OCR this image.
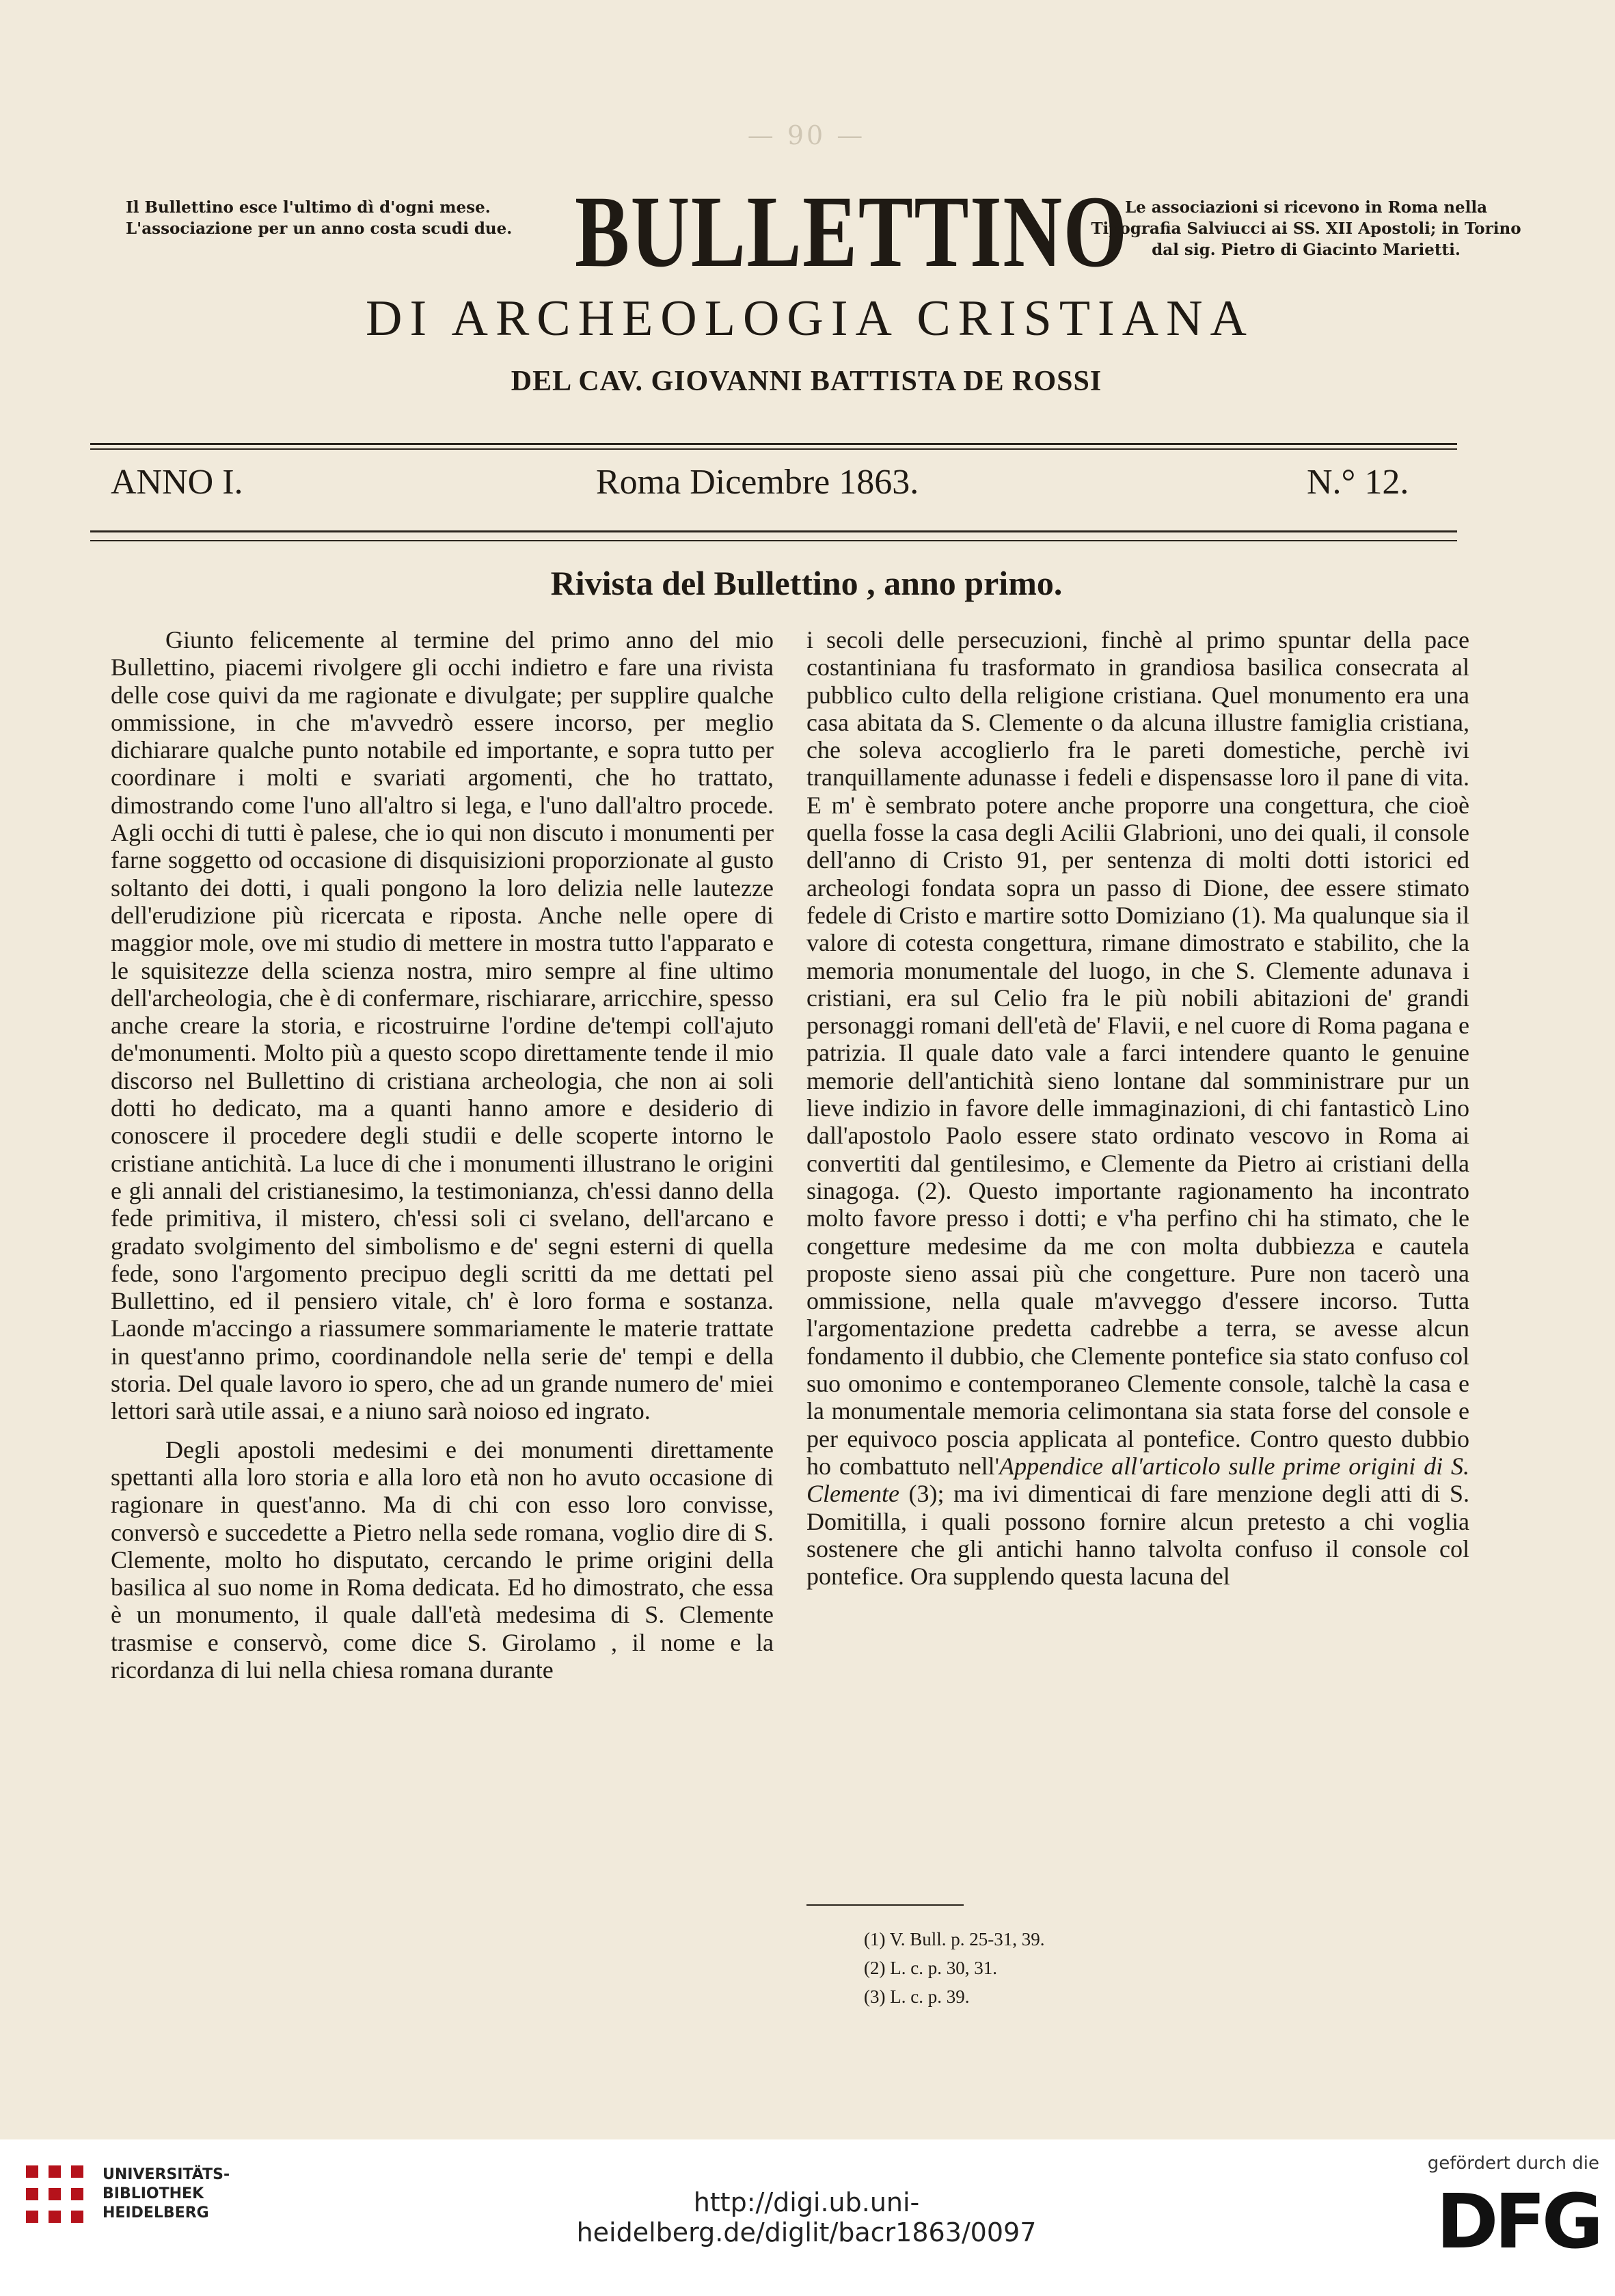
— 90 —
Il Bullettino esce l'ultimo dì d'ogni mese.
L'associazione per un anno costa scudi due. BULLETTINO
Le associazioni si ricevono in Roma nella
Tipografia Salviucci ai SS. XII Apostoli; in Torino
dal sig. Pietro di Giacinto Marietti.
DI ARCHEOLOGIA CRISTIANA
DEL CAV. GIOVANNI BATTISTA DE ROSSI
ANNO I.	Roma Dicembre 1863.	N.° 12.
Rivista del Bullettino , anno primo.

Giunto felicemente al termine del primo anno del mio Bullettino, piacemi rivolgere gli occhi indietro e fare una rivista delle cose quivi da me ragionate e divulgate; per supplire qualche ommissione, in che m'avvedrò essere incorso, per meglio dichiarare qualche punto notabile ed importante, e sopra tutto per coordinare i molti e svariati argomenti, che ho trattato, dimostrando come l'uno all'altro si lega, e l'uno dall'altro procede. Agli occhi di tutti è palese, che io qui non discuto i monumenti per farne soggetto od occasione di disquisizioni proporzionate al gusto soltanto dei dotti, i quali pongono la loro delizia nelle lautezze dell'erudizione più ricercata e riposta. Anche nelle opere di maggior mole, ove mi studio di mettere in mostra tutto l'apparato e le squisitezze della scienza nostra, miro sempre al fine ultimo dell'archeologia, che è di confermare, rischiarare, arricchire, spesso anche creare la storia, e ricostruirne l'ordine de'tempi coll'ajuto de'monumenti. Molto più a questo scopo direttamente tende il mio discorso nel Bullettino di cristiana archeologia, che non ai soli dotti ho dedicato, ma a quanti hanno amore e desiderio di conoscere il procedere degli studii e delle scoperte intorno le cristiane antichità. La luce di che i monumenti illustrano le origini e gli annali del cristianesimo, la testimonianza, ch'essi danno della fede primitiva, il mistero, ch'essi soli ci svelano, dell'arcano e gradato svolgimento del simbolismo e de' segni esterni di quella fede, sono l'argomento precipuo degli scritti da me dettati pel Bullettino, ed il pensiero vitale, ch' è loro forma e sostanza. Laonde m'accingo a riassumere sommariamente le materie trattate in quest'anno primo, coordinandole nella serie de' tempi e della storia. Del quale lavoro io spero, che ad un grande numero de' miei lettori sarà utile assai, e a niuno sarà noioso ed ingrato.

Degli apostoli medesimi e dei monumenti direttamente spettanti alla loro storia e alla loro età non ho avuto occasione di ragionare in quest'anno. Ma di chi con esso loro convisse, conversò e succedette a Pietro nella sede romana, voglio dire di S. Clemente, molto ho disputato, cercando le prime origini della basilica al suo nome in Roma dedicata. Ed ho dimostrato, che essa è un monumento, il quale dall'età medesima di S. Clemente trasmise e conservò, come dice S. Girolamo , il nome e la ricordanza di lui nella chiesa romana durante

i secoli delle persecuzioni, finchè al primo spuntar della pace costantiniana fu trasformato in grandiosa basilica consecrata al pubblico culto della religione cristiana. Quel monumento era una casa abitata da S. Clemente o da alcuna illustre famiglia cristiana, che soleva accoglierlo fra le pareti domestiche, perchè ivi tranquillamente adunasse i fedeli e dispensasse loro il pane di vita. E m' è sembrato potere anche proporre una congettura, che cioè quella fosse la casa degli Acilii Glabrioni, uno dei quali, il console dell'anno di Cristo 91, per sentenza di molti dotti istorici ed archeologi fondata sopra un passo di Dione, dee essere stimato fedele di Cristo e martire sotto Domiziano (1). Ma qualunque sia il valore di cotesta congettura, rimane dimostrato e stabilito, che la memoria monumentale del luogo, in che S. Clemente adunava i cristiani, era sul Celio fra le più nobili abitazioni de' grandi personaggi romani dell'età de' Flavii, e nel cuore di Roma pagana e patrizia. Il quale dato vale a farci intendere quanto le genuine memorie dell'antichità sieno lontane dal somministrare pur un lieve indizio in favore delle immaginazioni, di chi fantasticò Lino dall'apostolo Paolo essere stato ordinato vescovo in Roma ai convertiti dal gentilesimo, e Clemente da Pietro ai cristiani della sinagoga. (2). Questo importante ragionamento ha incontrato molto favore presso i dotti; e v'ha perfino chi ha stimato, che le congetture medesime da me con molta dubbiezza e cautela proposte sieno assai più che congetture. Pure non tacerò una ommissione, nella quale m'avveggo d'essere incorso. Tutta l'argomentazione predetta cadrebbe a terra, se avesse alcun fondamento il dubbio, che Clemente pontefice sia stato confuso col suo omonimo e contemporaneo Clemente console, talchè la casa e la monumentale memoria celimontana sia stata forse del console e per equivoco poscia applicata al pontefice. Contro questo dubbio ho combattuto nell'Appendice all'articolo sulle prime origini di S. Clemente (3); ma ivi dimenticai di fare menzione degli atti di S. Domitilla, i quali possono fornire alcun pretesto a chi voglia sostenere che gli antichi hanno talvolta confuso il console col pontefice. Ora supplendo questa lacuna del

(1) V. Bull. p. 25-31, 39.
(2) L. c. p. 30, 31.
(3) L. c. p. 39.
UNIVERSITÄTS-
BIBLIOTHEK
HEIDELBERG	http://digi.ub.uni-heidelberg.de/diglit/bacr1863/0097
gefördert durch die
DFG
